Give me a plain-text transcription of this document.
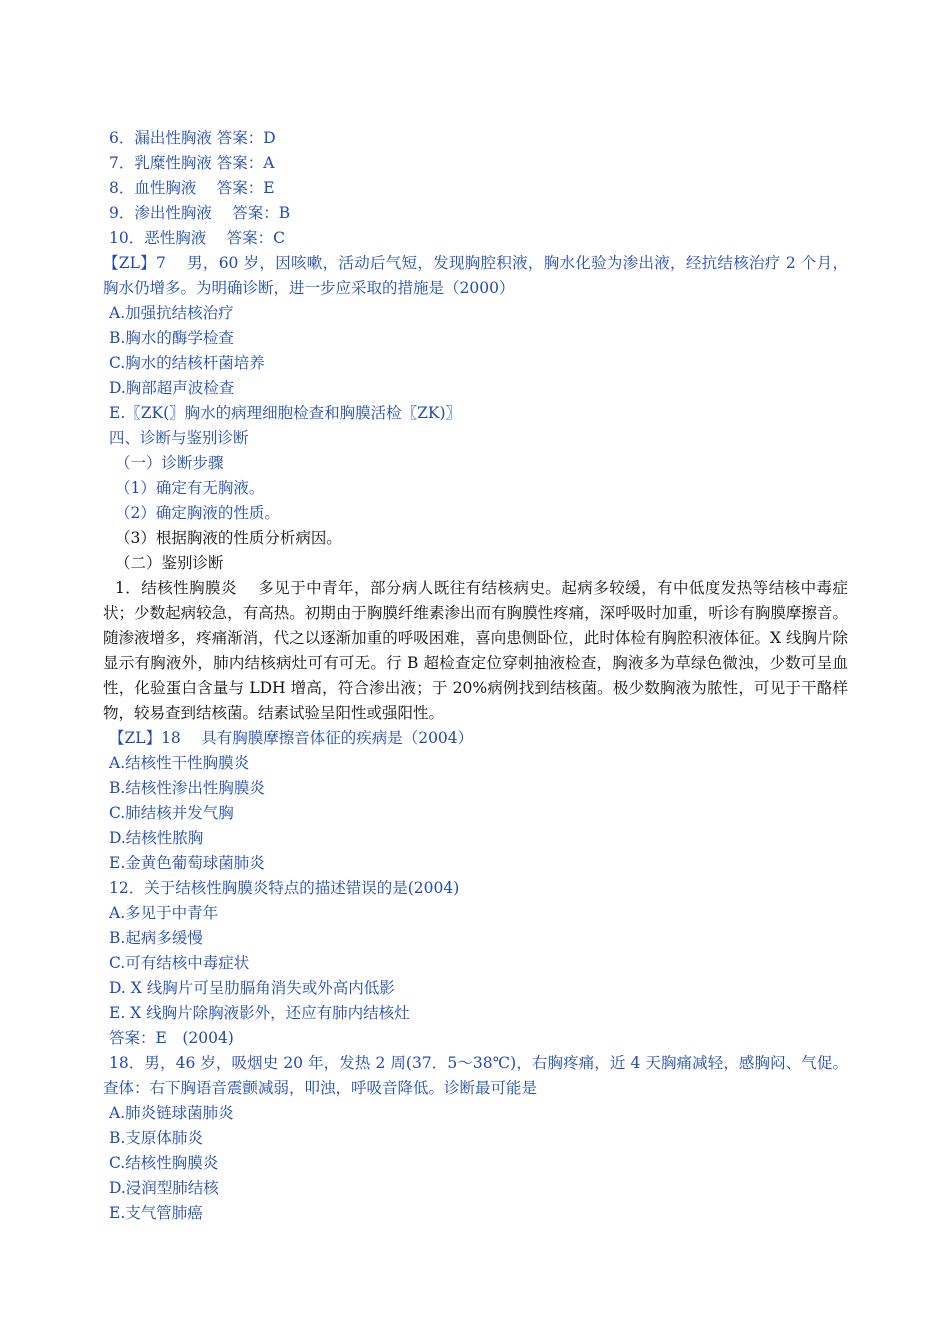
6．漏出性胸液 答案：D
7．乳糜性胸液 答案：A
8．血性胸液　 答案：E
9．渗出性胸液　 答案：B
10．恶性胸液　 答案：C
【ZL】7　 男，60 岁，因咳嗽，活动后气短，发现胸腔积液，胸水化验为渗出液，经抗结核治疗 2 个月，胸水仍增多。为明确诊断，进一步应采取的措施是（2000）
A.加强抗结核治疗
B.胸水的酶学检查
C.胸水的结核杆菌培养
D.胸部超声波检查
E.〖ZK(〗胸水的病理细胞检查和胸膜活检〖ZK)〗
四、诊断与鉴别诊断
（一）诊断步骤
（1）确定有无胸液。
（2）确定胸液的性质。
（3）根据胸液的性质分析病因。
（二）鉴别诊断
1．结核性胸膜炎　 多见于中青年，部分病人既往有结核病史。起病多较缓，有中低度发热等结核中毒症状；少数起病较急，有高热。初期由于胸膜纤维素渗出而有胸膜性疼痛，深呼吸时加重，听诊有胸膜摩擦音。随渗液增多，疼痛渐消，代之以逐渐加重的呼吸困难，喜向患侧卧位，此时体检有胸腔积液体征。X 线胸片除显示有胸液外，肺内结核病灶可有可无。行 B 超检查定位穿刺抽液检查，胸液多为草绿色微浊，少数可呈血性，化验蛋白含量与 LDH 增高，符合渗出液；于 20%病例找到结核菌。极少数胸液为脓性，可见于干酪样物，较易查到结核菌。结素试验呈阳性或强阳性。
【ZL】18　 具有胸膜摩擦音体征的疾病是（2004）
A.结核性干性胸膜炎
B.结核性渗出性胸膜炎
C.肺结核并发气胸
D.结核性脓胸
E.金黄色葡萄球菌肺炎
12．关于结核性胸膜炎特点的描述错误的是(2004)
A.多见于中青年
B.起病多缓慢
C.可有结核中毒症状
D. X 线胸片可呈肋膈角消失或外高内低影
E. X 线胸片除胸液影外，还应有肺内结核灶
答案：E　(2004)
18．男，46 岁，吸烟史 20 年，发热 2 周(37．5～38℃)，右胸疼痛，近 4 天胸痛减轻，感胸闷、气促。查体：右下胸语音震颤减弱，叩浊，呼吸音降低。诊断最可能是
A.肺炎链球菌肺炎
B.支原体肺炎
C.结核性胸膜炎
D.浸润型肺结核
E.支气管肺癌
